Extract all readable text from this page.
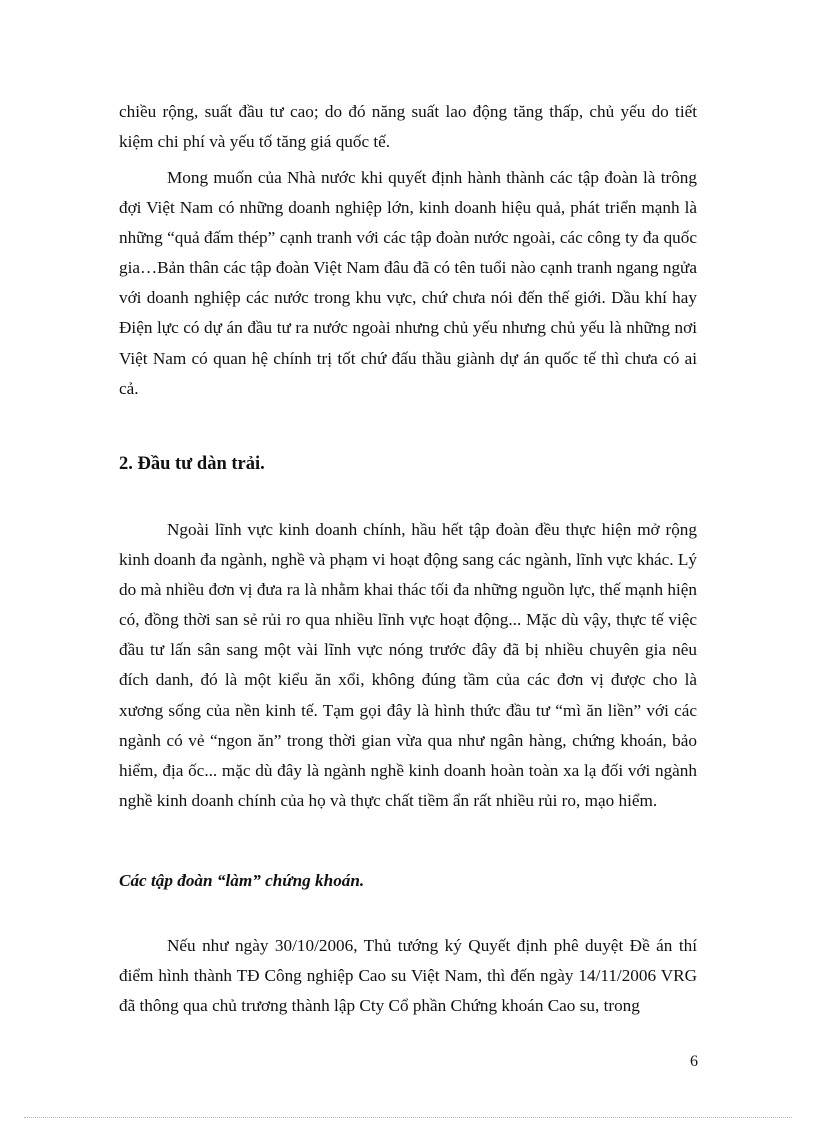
chiều rộng, suất đầu tư cao; do đó năng suất lao động tăng thấp, chủ yếu do tiết kiệm chi phí và yếu tố tăng giá quốc tế.

Mong muốn của Nhà nước khi quyết định hành thành các tập đoàn là trông đợi Việt Nam có những doanh nghiệp lớn, kinh doanh hiệu quả, phát triển mạnh là những “quả đấm thép” cạnh tranh với các tập đoàn nước ngoài, các công ty đa quốc gia…Bản thân các tập đoàn Việt Nam đâu đã có tên tuổi nào cạnh tranh ngang ngửa với doanh nghiệp các nước trong khu vực, chứ chưa nói đến thế giới. Dầu khí hay Điện lực có dự án đầu tư ra nước ngoài nhưng chủ yếu nhưng chủ yếu là những nơi Việt Nam có quan hệ chính trị tốt chứ đấu thầu giành dự án quốc tế thì chưa có ai cả.

2. Đầu tư dàn trải.

Ngoài lĩnh vực kinh doanh chính, hầu hết tập đoàn đều thực hiện mở rộng kinh doanh đa ngành, nghề và phạm vi hoạt động sang các ngành, lĩnh vực khác. Lý do mà nhiều đơn vị đưa ra là nhằm khai thác tối đa những nguồn lực, thế mạnh hiện có, đồng thời san sẻ rủi ro qua nhiều lĩnh vực hoạt động... Mặc dù vậy, thực tế việc đầu tư lấn sân sang một vài lĩnh vực nóng trước đây đã bị nhiều chuyên gia nêu đích danh, đó là một kiểu ăn xổi, không đúng tầm của các đơn vị được cho là xương sống của nền kinh tế. Tạm gọi đây là hình thức đầu tư “mì ăn liền” với các ngành có vẻ “ngon ăn” trong thời gian vừa qua như ngân hàng, chứng khoán, bảo hiểm, địa ốc... mặc dù đây là ngành nghề kinh doanh hoàn toàn xa lạ đối với ngành nghề kinh doanh chính của họ và thực chất tiềm ẩn rất nhiều rủi ro, mạo hiểm.

Các tập đoàn “làm” chứng khoán.

Nếu như ngày 30/10/2006, Thủ tướng ký Quyết định phê duyệt Đề án thí điểm hình thành TĐ Công nghiệp Cao su Việt Nam, thì đến ngày 14/11/2006 VRG đã thông qua chủ trương thành lập Cty Cổ phần Chứng khoán Cao su, trong

6
